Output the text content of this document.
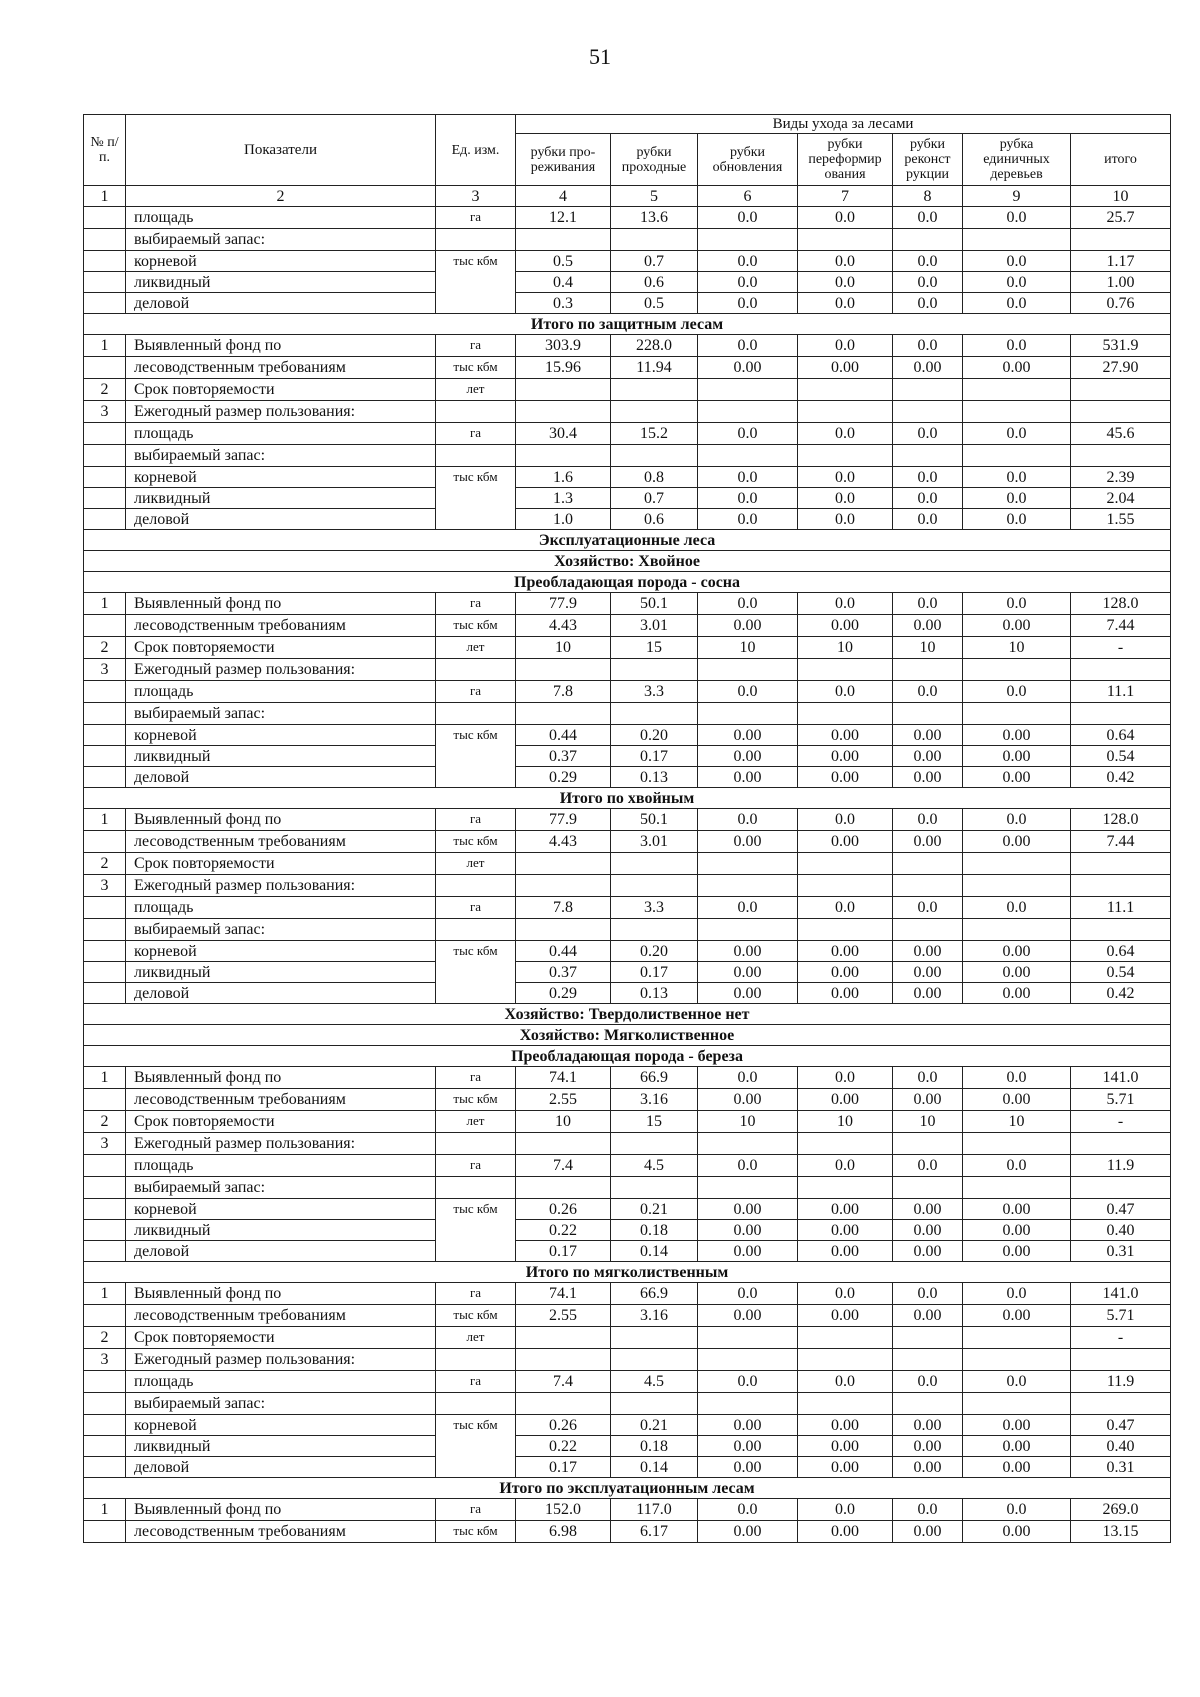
51
№ п/ п.	Показатели	Ед. изм.	Виды ухода за лесами						
			рубки про-реживания	рубки проходные	рубки обновления	рубки переформир ования	рубки реконст рукции	рубка единичных деревьев	итого
1	2	3	4	5	6	7	8	9	10
	площадь	га	12.1	13.6	0.0	0.0	0.0	0.0	25.7
	выбираемый запас:								
	корневой	тыс кбм	0.5	0.7	0.0	0.0	0.0	0.0	1.17
	ликвидный		0.4	0.6	0.0	0.0	0.0	0.0	1.00
	деловой		0.3	0.5	0.0	0.0	0.0	0.0	0.76
Итого по защитным лесам									
1	Выявленный фонд по	га	303.9	228.0	0.0	0.0	0.0	0.0	531.9
	лесоводственным требованиям	тыс кбм	15.96	11.94	0.00	0.00	0.00	0.00	27.90
2	Срок повторяемости	лет							
3	Ежегодный размер пользования:								
	площадь	га	30.4	15.2	0.0	0.0	0.0	0.0	45.6
	выбираемый запас:								
	корневой	тыс кбм	1.6	0.8	0.0	0.0	0.0	0.0	2.39
	ликвидный		1.3	0.7	0.0	0.0	0.0	0.0	2.04
	деловой		1.0	0.6	0.0	0.0	0.0	0.0	1.55
Эксплуатационные леса									
Хозяйство: Хвойное									
Преобладающая порода - сосна									
1	Выявленный фонд по	га	77.9	50.1	0.0	0.0	0.0	0.0	128.0
	лесоводственным требованиям	тыс кбм	4.43	3.01	0.00	0.00	0.00	0.00	7.44
2	Срок повторяемости	лет	10	15	10	10	10	10	-
3	Ежегодный размер пользования:								
	площадь	га	7.8	3.3	0.0	0.0	0.0	0.0	11.1
	выбираемый запас:								
	корневой	тыс кбм	0.44	0.20	0.00	0.00	0.00	0.00	0.64
	ликвидный		0.37	0.17	0.00	0.00	0.00	0.00	0.54
	деловой		0.29	0.13	0.00	0.00	0.00	0.00	0.42
Итого по хвойным									
1	Выявленный фонд по	га	77.9	50.1	0.0	0.0	0.0	0.0	128.0
	лесоводственным требованиям	тыс кбм	4.43	3.01	0.00	0.00	0.00	0.00	7.44
2	Срок повторяемости	лет							
3	Ежегодный размер пользования:								
	площадь	га	7.8	3.3	0.0	0.0	0.0	0.0	11.1
	выбираемый запас:								
	корневой	тыс кбм	0.44	0.20	0.00	0.00	0.00	0.00	0.64
	ликвидный		0.37	0.17	0.00	0.00	0.00	0.00	0.54
	деловой		0.29	0.13	0.00	0.00	0.00	0.00	0.42
Хозяйство: Твердолиственное нет									
Хозяйство: Мягколиственное									
Преобладающая порода - береза									
1	Выявленный фонд по	га	74.1	66.9	0.0	0.0	0.0	0.0	141.0
	лесоводственным требованиям	тыс кбм	2.55	3.16	0.00	0.00	0.00	0.00	5.71
2	Срок повторяемости	лет	10	15	10	10	10	10	-
3	Ежегодный размер пользования:								
	площадь	га	7.4	4.5	0.0	0.0	0.0	0.0	11.9
	выбираемый запас:								
	корневой	тыс кбм	0.26	0.21	0.00	0.00	0.00	0.00	0.47
	ликвидный		0.22	0.18	0.00	0.00	0.00	0.00	0.40
	деловой		0.17	0.14	0.00	0.00	0.00	0.00	0.31
Итого по мягколиственным									
1	Выявленный фонд по	га	74.1	66.9	0.0	0.0	0.0	0.0	141.0
	лесоводственным требованиям	тыс кбм	2.55	3.16	0.00	0.00	0.00	0.00	5.71
2	Срок повторяемости	лет							-
3	Ежегодный размер пользования:								
	площадь	га	7.4	4.5	0.0	0.0	0.0	0.0	11.9
	выбираемый запас:								
	корневой	тыс кбм	0.26	0.21	0.00	0.00	0.00	0.00	0.47
	ликвидный		0.22	0.18	0.00	0.00	0.00	0.00	0.40
	деловой		0.17	0.14	0.00	0.00	0.00	0.00	0.31
Итого по эксплуатационным лесам									
1	Выявленный фонд по	га	152.0	117.0	0.0	0.0	0.0	0.0	269.0
	лесоводственным требованиям	тыс кбм	6.98	6.17	0.00	0.00	0.00	0.00	13.15
